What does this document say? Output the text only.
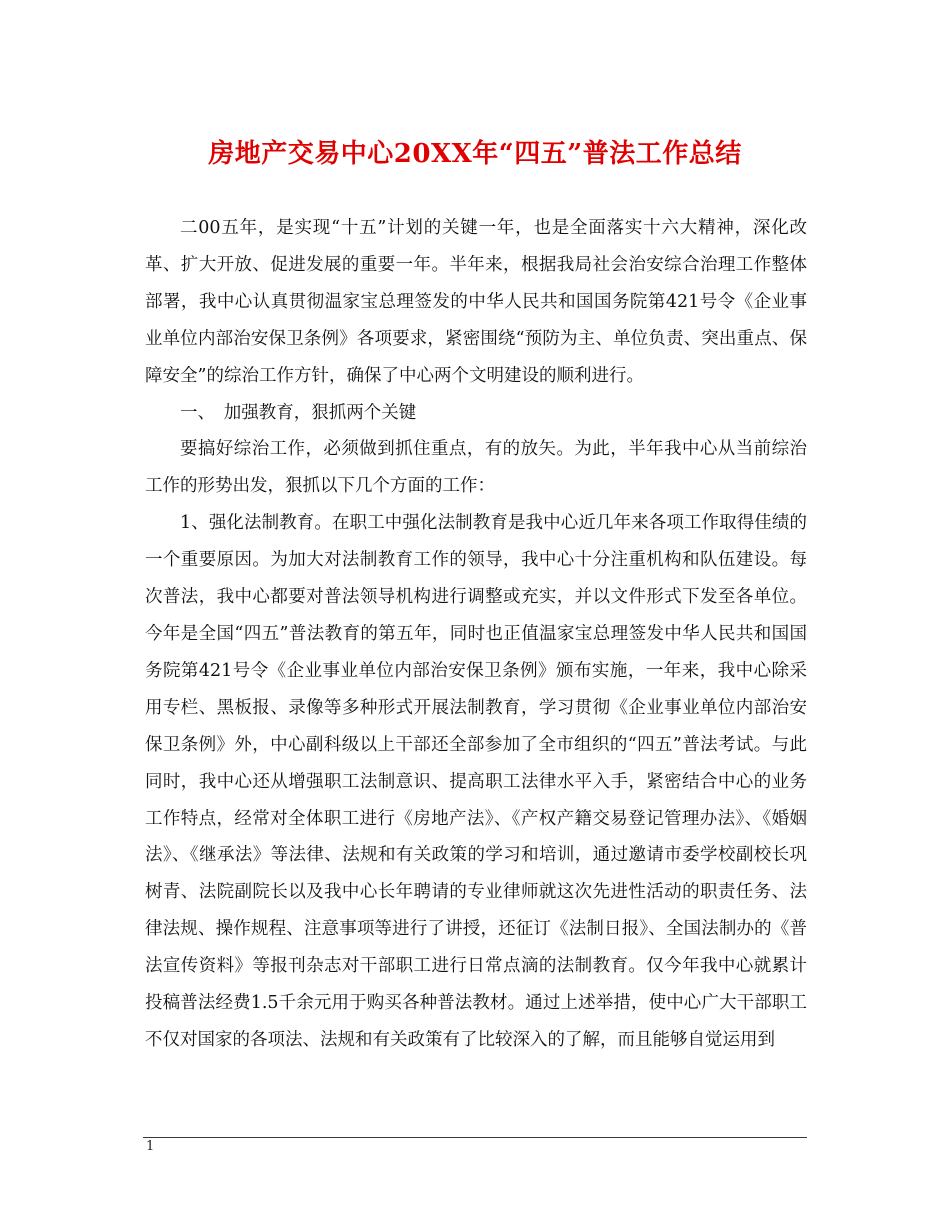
房地产交易中心20XX年“四五”普法工作总结

二00五年，是实现“十五”计划的关键一年，也是全面落实十六大精神，深化改革、扩大开放、促进发展的重要一年。半年来，根据我局社会治安综合治理工作整体部署，我中心认真贯彻温家宝总理签发的中华人民共和国国务院第421号令《企业事业单位内部治安保卫条例》各项要求，紧密围绕“预防为主、单位负责、突出重点、保障安全”的综治工作方针，确保了中心两个文明建设的顺利进行。

一、　加强教育，狠抓两个关键

要搞好综治工作，必须做到抓住重点，有的放矢。为此，半年我中心从当前综治工作的形势出发，狠抓以下几个方面的工作：

1、强化法制教育。在职工中强化法制教育是我中心近几年来各项工作取得佳绩的一个重要原因。为加大对法制教育工作的领导，我中心十分注重机构和队伍建设。每次普法，我中心都要对普法领导机构进行调整或充实，并以文件形式下发至各单位。今年是全国“四五”普法教育的第五年，同时也正值温家宝总理签发中华人民共和国国务院第421号令《企业事业单位内部治安保卫条例》颁布实施，一年来，我中心除采用专栏、黑板报、录像等多种形式开展法制教育，学习贯彻《企业事业单位内部治安保卫条例》外，中心副科级以上干部还全部参加了全市组织的“四五”普法考试。与此同时，我中心还从增强职工法制意识、提高职工法律水平入手，紧密结合中心的业务工作特点，经常对全体职工进行《房地产法》、《产权产籍交易登记管理办法》、《婚姻法》、《继承法》等法律、法规和有关政策的学习和培训，通过邀请市委学校副校长巩树青、法院副院长以及我中心长年聘请的专业律师就这次先进性活动的职责任务、法律法规、操作规程、注意事项等进行了讲授，还征订《法制日报》、全国法制办的《普法宣传资料》等报刊杂志对干部职工进行日常点滴的法制教育。仅今年我中心就累计投稿普法经费1.5千余元用于购买各种普法教材。通过上述举措，使中心广大干部职工不仅对国家的各项法、法规和有关政策有了比较深入的了解，而且能够自觉运用到

1
